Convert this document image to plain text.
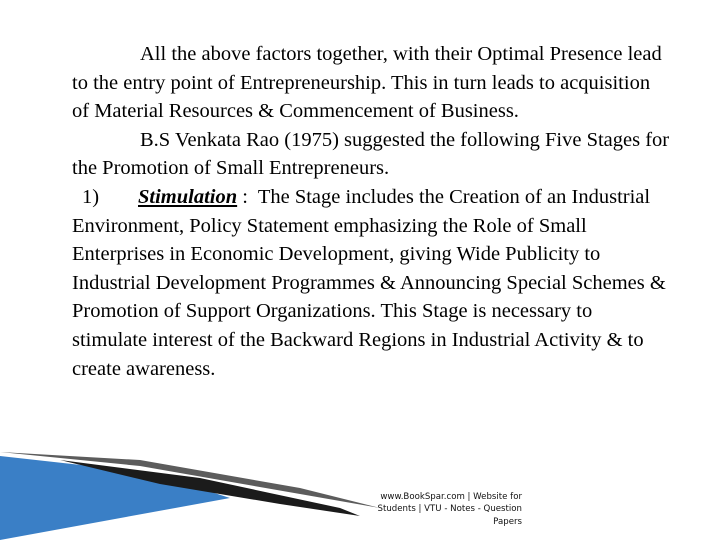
All the above factors together, with their Optimal Presence lead to the entry point of Entrepreneurship. This in turn leads to acquisition of Material Resources & Commencement of Business.

B.S Venkata Rao (1975) suggested the following Five Stages for the Promotion of Small Entrepreneurs.

1) Stimulation :  The Stage includes the Creation of an Industrial Environment, Policy Statement emphasizing the Role of Small Enterprises in Economic Development, giving Wide Publicity to Industrial Development Programmes & Announcing Special Schemes & Promotion of Support Organizations. This Stage is necessary to stimulate interest of the Backward Regions in Industrial Activity & to create awareness.

www.BookSpar.com | Website for
Students | VTU - Notes - Question
Papers
